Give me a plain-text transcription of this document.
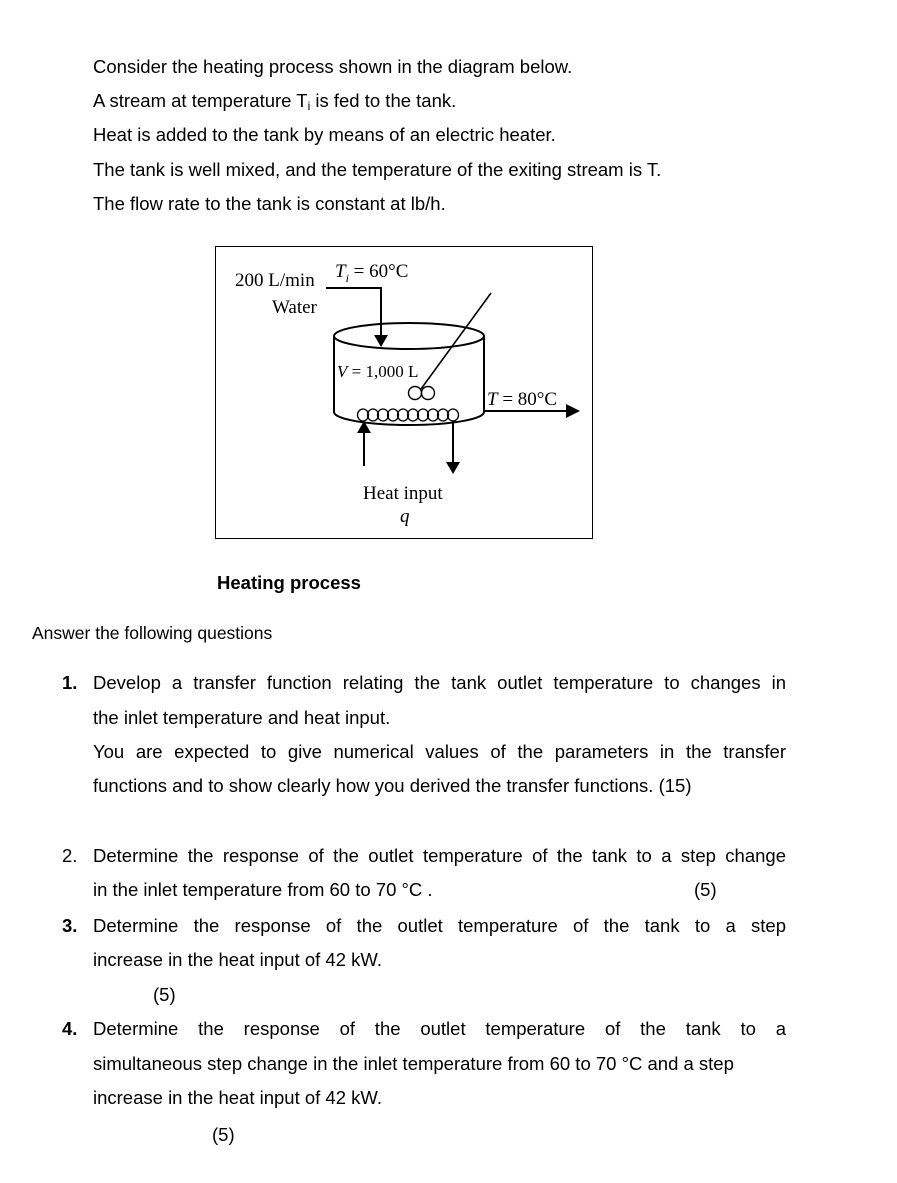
Consider the heating process shown in the diagram below.
A stream at temperature $T_i$ is fed to the tank.
Heat is added to the tank by means of an electric heater.
The tank is well mixed, and the temperature of the exiting stream is T.
The flow rate to the tank is constant at lb/h.
200 L/min
Water
$T_i = 60^\circ C$
V = 1,000 L
T = 80°C
Heat input
q
Heating process
Answer the following questions
1. Develop a transfer function relating the tank outlet temperature to changes in
the inlet temperature and heat input.
You are expected to give numerical values of the parameters in the transfer
functions and to show clearly how you derived the transfer functions. (15)
2. Determine the response of the outlet temperature of the tank to a step change
in the inlet temperature from 60 to 70 °C .	(5)
3. Determine the response of the outlet temperature of the tank to a step
increase in the heat input of 42 kW.
(5)
4. Determine the response of the outlet temperature of the tank to a
simultaneous step change in the inlet temperature from 60 to 70 °C and a step
increase in the heat input of 42 kW.
(5)
